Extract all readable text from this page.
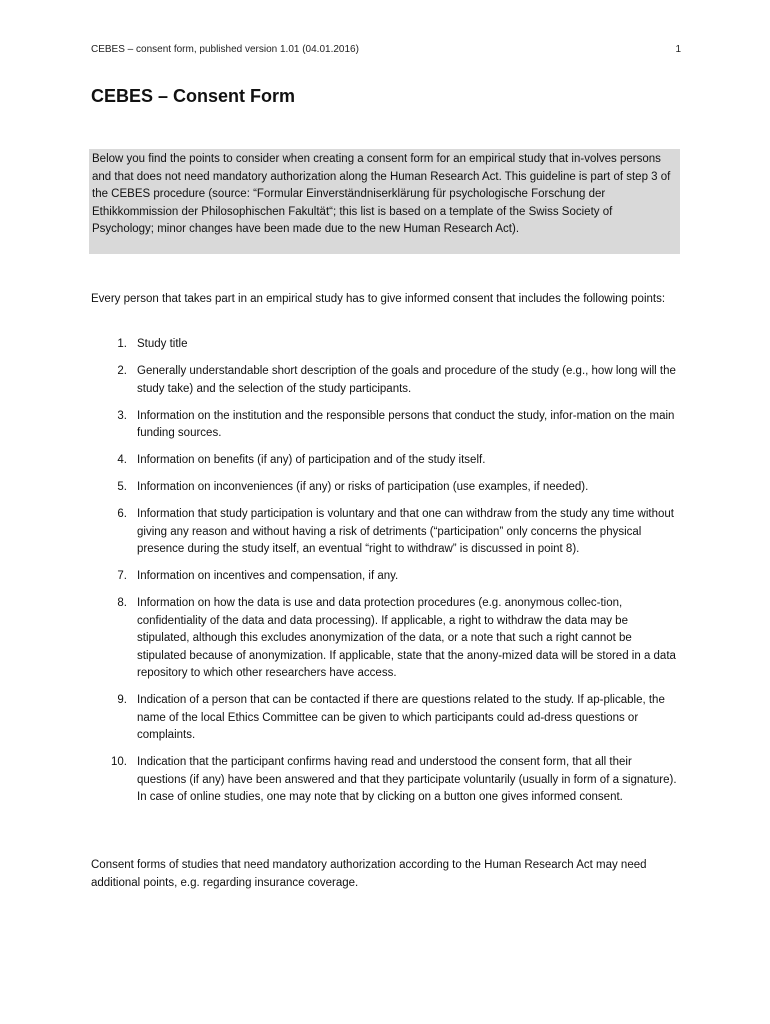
CEBES – consent form, published version 1.01 (04.01.2016)	1
CEBES – Consent Form
Below you find the points to consider when creating a consent form for an empirical study that in-volves persons and that does not need mandatory authorization along the Human Research Act. This guideline is part of step 3 of the CEBES procedure (source: “Formular Einverständniserklärung für psychologische Forschung der Ethikkommission der Philosophischen Fakultät“; this list is based on a template of the Swiss Society of Psychology; minor changes have been made due to the new Human Research Act).

Every person that takes part in an empirical study has to give informed consent that includes the following points:

1. Study title
2. Generally understandable short description of the goals and procedure of the study (e.g., how long will the study take) and the selection of the study participants.
3. Information on the institution and the responsible persons that conduct the study, infor-mation on the main funding sources.
4. Information on benefits (if any) of participation and of the study itself.
5. Information on inconveniences (if any) or risks of participation (use examples, if needed).
6. Information that study participation is voluntary and that one can withdraw from the study any time without giving any reason and without having a risk of detriments (“participation” only concerns the physical presence during the study itself, an eventual “right to withdraw” is discussed in point 8).
7. Information on incentives and compensation, if any.
8. Information on how the data is use and data protection procedures (e.g. anonymous collec-tion, confidentiality of the data and data processing). If applicable, a right to withdraw the data may be stipulated, although this excludes anonymization of the data, or a note that such a right cannot be stipulated because of anonymization. If applicable, state that the anony-mized data will be stored in a data repository to which other researchers have access.
9. Indication of a person that can be contacted if there are questions related to the study. If ap-plicable, the name of the local Ethics Committee can be given to which participants could ad-dress questions or complaints.
10. Indication that the participant confirms having read and understood the consent form, that all their questions (if any) have been answered and that they participate voluntarily (usually in form of a signature). In case of online studies, one may note that by clicking on a button one gives informed consent.

Consent forms of studies that need mandatory authorization according to the Human Research Act may need additional points, e.g. regarding insurance coverage.
